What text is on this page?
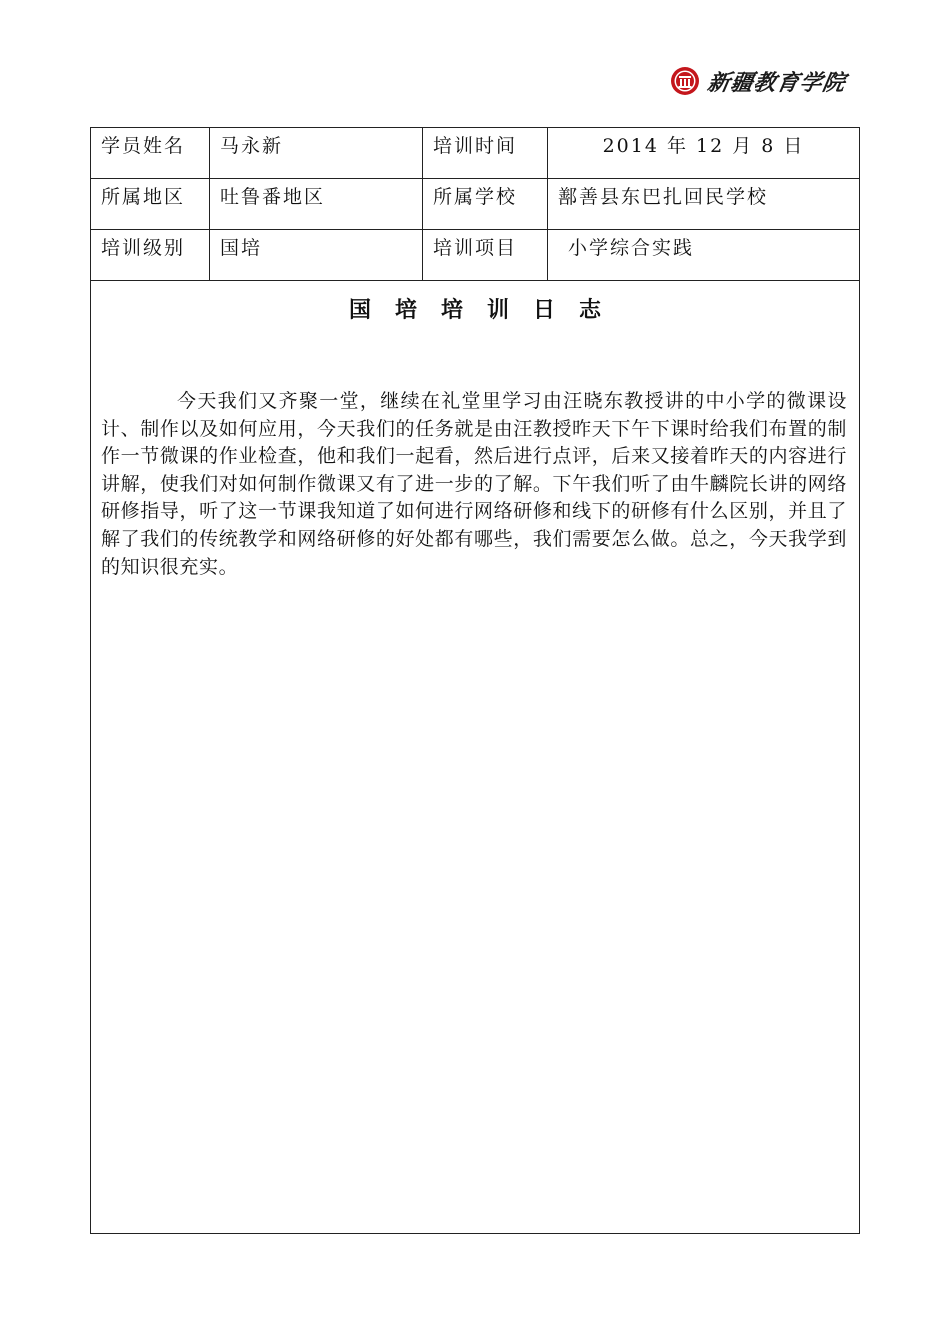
新疆教育学院
学员姓名	马永新	培训时间	2014 年 12 月 8 日

所属地区	吐鲁番地区	所属学校	鄯善县东巴扎回民学校

培训级别	国培	培训项目	小学综合实践

国培培训日志

今天我们又齐聚一堂，继续在礼堂里学习由汪晓东教授讲的中小学的微课设计、制作以及如何应用，今天我们的任务就是由汪教授昨天下午下课时给我们布置的制作一节微课的作业检查，他和我们一起看，然后进行点评，后来又接着昨天的内容进行讲解，使我们对如何制作微课又有了进一步的了解。下午我们听了由牛麟院长讲的网络研修指导，听了这一节课我知道了如何进行网络研修和线下的研修有什么区别，并且了解了我们的传统教学和网络研修的好处都有哪些，我们需要怎么做。总之，今天我学到的知识很充实。			
